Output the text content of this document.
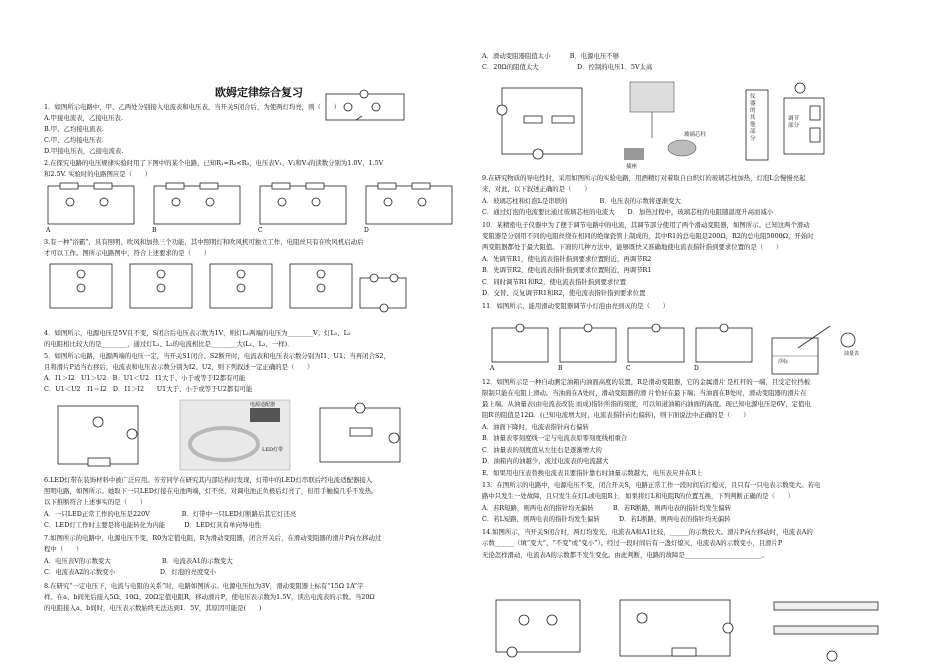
欧姆定律综合复习
1．如图所示电路中，甲、乙两处分别接入电流表和电压表，当开关S闭合后，为使两灯均亮，则（　　）
A.甲接电流表，乙接电压表.
B.甲、乙均接电流表.
C.甲、乙均接电压表.
D.甲接电压表，乙接电流表.
2.在探究电路的电压规律实验时用了下图中的某个电路，已知R₁=R₂<R₃，电压表V₁、V₂和V₃的读数分别为1.0V、1.5V
和2.5V. 实验时的电路图应是（　　）
3.有一种“浴霸”，具有照明、吹风和加热三个功能，其中照明灯和吹风机可独立工作，电阻丝只有在吹风机启动后
才可以工作。图所示电路图中，符合上述要求的是（　　）
4．如图所示，电源电压是5V且不变，S闭合后电压表示数为1V，则灯L₁两端的电压为________V；灯L₁、L₂
的电阻相比较大的是________，通过灯L₁、L₂的电流相比是________大(L₁、L₂、一样)．
5．如图所示电路，电源两端的电压一定，当开关S1闭合、S2断开时，电流表和电压表示数分别为I1、U1；当再闭合S2，
且将滑片P适当右移后，电流表和电压表示数分别为I2、U2，则下列叙述一定正确的是（　　）
A．I1＞I2　U1＞U2　B．U1＜U2　I1大于、小于或等于I2都有可能
C．U1＜U2　I1＝I2　D．I1＞I2　　U1大于、小于或等于U2都有可能
6.LED灯带在装饰材料中被广泛应用。芳芳同学在研究其内部结构时发现，灯带中的LED灯串联后经电流适配器接入
照明电路，如图所示。她取下一只LED灯接在电池两端，灯不亮，对调电池正负极后灯亮了，但用手触摸几乎不发热。
以下推断符合上述事实的是（　　）
A．一只LED正常工作的电压是220V　　　　　B．灯带中一只LED灯断路后其它灯还亮
C．LED灯工作时主要是将电能转化为内能　　　D．LED灯具有单向导电性
7.如图所示的电路中，电源电压不变，R0为定值电阻，R为滑动变阻器，闭合开关后，在滑动变阻器的滑片P向左移动过
程中（　　）
A．电压表V的示数变大　　　　　　　　B．电流表A1的示数变大
C．电流表A2的示数变小　　　　　　　D．灯泡的亮度变小
8.在研究“一定电压下，电流与电阻的关系”时，电路如图所示。电源电压恒为3V，滑动变阻器上标有“15Ω 1A”字
样。在a、b间先后接入5Ω、10Ω、20Ω定值电阻R，移动滑片P，使电压表示数为1.5V，读出电流表的示数。当20Ω
的电阻接入a、b间时，电压表示数始终无法达到1．5V，其原因可能是(　　)
A	B	C	D
电源适配器
LED灯带
A．滑动变阻器阻值太小　　　B．电源电压不够
C．20Ω的阻值太大　　　　　　D．控制的电压1．5V太高
9.在研究物质的导电性时，采用如图所示的实验电路，用酒精灯对着取自白炽灯的玻璃芯柱加热，灯泡L会慢慢亮起
来，对此，以下叙述正确的是（　　）
A．玻璃芯柱和灯泡L是串联的　　　　　B．电压表的示数将逐渐变大
C．通过灯泡的电流要比通过玻璃芯柱的电流大　　D．加热过程中，玻璃芯柱的电阻随温度升高而减小
10．某精密电子仪器中为了便于调节电路中的电流，其调节部分使用了两个滑动变阻器，如图所示。已知这两个滑动
变阻器是分别用不同的电阻丝绕在相同的绝缘瓷管上制成的，其中R1的总电阻是200Ω，R2的总电阻5000Ω，开始时
两变阻器都处于最大阻值。下面的几种方法中，能够既快又准确地使电流表指针指到要求位置的是（　　）
A．先调节R1，使电流表指针指到要求位置附近，再调节R2
B．先调节R2，使电流表指针指到要求位置附近，再调节R1
C．同时调节R1和R2，使电流表指针指到要求位置
D．交替、反复调节R1和R2，使电流表指针指到要求位置
11．如图所示，能用滑动变阻器调节小灯泡由亮到灭的是（　　）
12．如图所示是一种自动测定油箱内油面高度的装置，R是滑动变阻器，它的金属滑片 是杠杆的一端，且受定位挡板
限制只能在电阻上滑动。当油面在A处时，滑动变阻器的滑 片恰好在最下端；当油面在B处时，滑动变阻器的滑片在
最上端。从油量表(由电流表改装 而成)指针所指的刻度，可以知道油箱内油面的高度。现已知电源电压是6V，定值电
阻R′的阻值是12Ω．(已知电流增大时，电流表指针向右偏转)，则下面说法中正确的是（　　）
A．油面下降时，电流表指针向右偏转
B．油量表零刻度线一定与电流表原零刻度线相重合
C．油量表的刻度值从左往右是逐渐增大的
D．油箱内的油越少，流过电流表的电流越大
E．如果用电压表替换电流表且要指针靠右时油量示数越大，电压表应并在R上
13．在图所示的电路中，电源电压不变，闭合开关S，电路正常工作一段时间后灯熄灭，且只有一只电表示数变大。若电
路中只发生一处故障，且只发生在灯L或电阻R上．如果将灯L和电阻R的位置互换，下列判断正确的是（　　）
A．若R短路，则两电表的指针均无偏转　　　B．若R断路，则两电表的指针均发生偏转
C．若L短路，则两电表的指针均发生偏转　　　D．若L断路，则两电表的指针均无偏转
14.如图所示，当开关S闭合时，两灯均发光，电流表A和A1比较，______的示数较大。滑片P向左移动时，电流表A的
示数______（填“变大”、“不变”或“变小”）。经过一段时间后有一盏灯熄灭，电流表A的示数变小，且滑片P
无论怎样滑动，电流表A的示数都不发生变化。由此判断，电路的故障是________________________。
玻璃芯柱
插座
仪器的其他部分
调节部分
A	B	C	D
浮标
油量表
